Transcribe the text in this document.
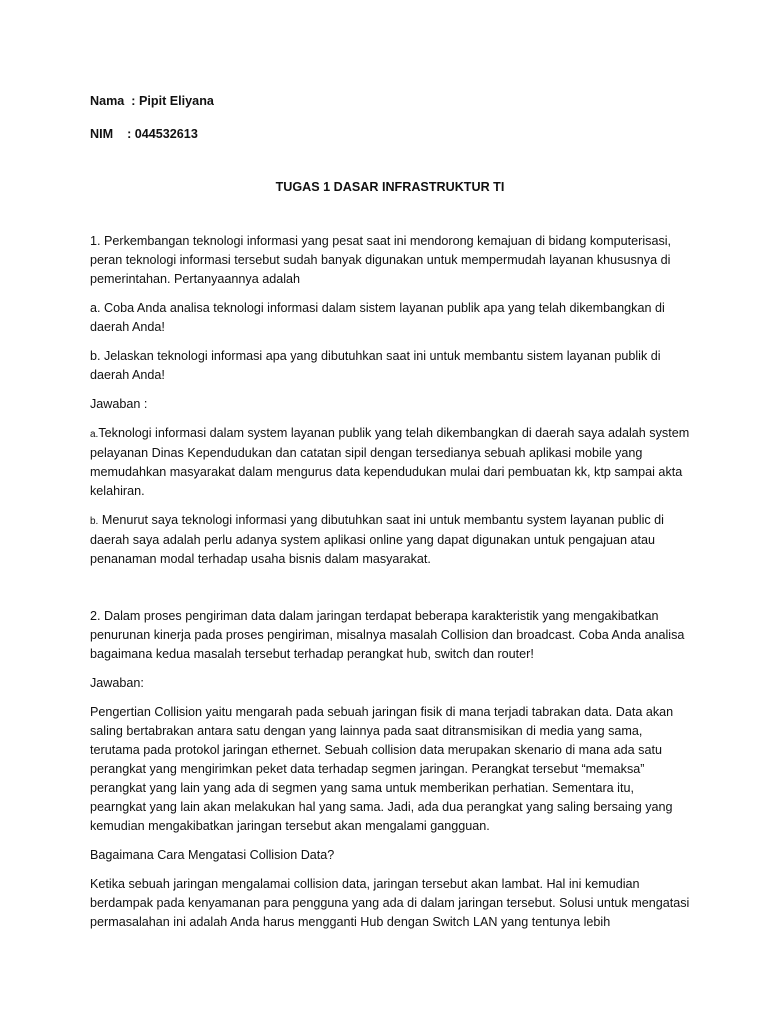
Nama  : Pipit Eliyana
NIM    : 044532613
TUGAS 1 DASAR INFRASTRUKTUR TI

1. Perkembangan teknologi informasi yang pesat saat ini mendorong kemajuan di bidang komputerisasi, peran teknologi informasi tersebut sudah banyak digunakan untuk mempermudah layanan khususnya di pemerintahan. Pertanyaannya adalah

a. Coba Anda analisa teknologi informasi dalam sistem layanan publik apa yang telah dikembangkan di daerah Anda!

b. Jelaskan teknologi informasi apa yang dibutuhkan saat ini untuk membantu sistem layanan publik di daerah Anda!

Jawaban :

a.Teknologi informasi dalam system layanan publik yang telah dikembangkan di daerah saya adalah system pelayanan Dinas Kependudukan dan catatan sipil dengan tersedianya sebuah aplikasi mobile yang memudahkan masyarakat dalam mengurus data kependudukan mulai dari pembuatan kk, ktp sampai akta kelahiran.

b. Menurut saya teknologi informasi yang dibutuhkan saat ini untuk membantu system layanan public di daerah saya adalah perlu adanya system aplikasi online yang dapat digunakan untuk pengajuan atau penanaman modal terhadap usaha bisnis dalam masyarakat.

2. Dalam proses pengiriman data dalam jaringan terdapat beberapa karakteristik yang mengakibatkan penurunan kinerja pada proses pengiriman, misalnya masalah Collision dan broadcast. Coba Anda analisa bagaimana kedua masalah tersebut terhadap perangkat hub, switch dan router!

Jawaban:

Pengertian Collision yaitu mengarah pada sebuah jaringan fisik di mana terjadi tabrakan data. Data akan saling bertabrakan antara satu dengan yang lainnya pada saat ditransmisikan di media yang sama, terutama pada protokol jaringan ethernet. Sebuah collision data merupakan skenario di mana ada satu perangkat yang mengirimkan peket data terhadap segmen jaringan. Perangkat tersebut “memaksa” perangkat yang lain yang ada di segmen yang sama untuk memberikan perhatian. Sementara itu, pearngkat yang lain akan melakukan hal yang sama. Jadi, ada dua perangkat yang saling bersaing yang kemudian mengakibatkan jaringan tersebut akan mengalami gangguan.

Bagaimana Cara Mengatasi Collision Data?

Ketika sebuah jaringan mengalamai collision data, jaringan tersebut akan lambat. Hal ini kemudian berdampak pada kenyamanan para pengguna yang ada di dalam jaringan tersebut. Solusi untuk mengatasi permasalahan ini adalah Anda harus mengganti Hub dengan Switch LAN yang tentunya lebih
